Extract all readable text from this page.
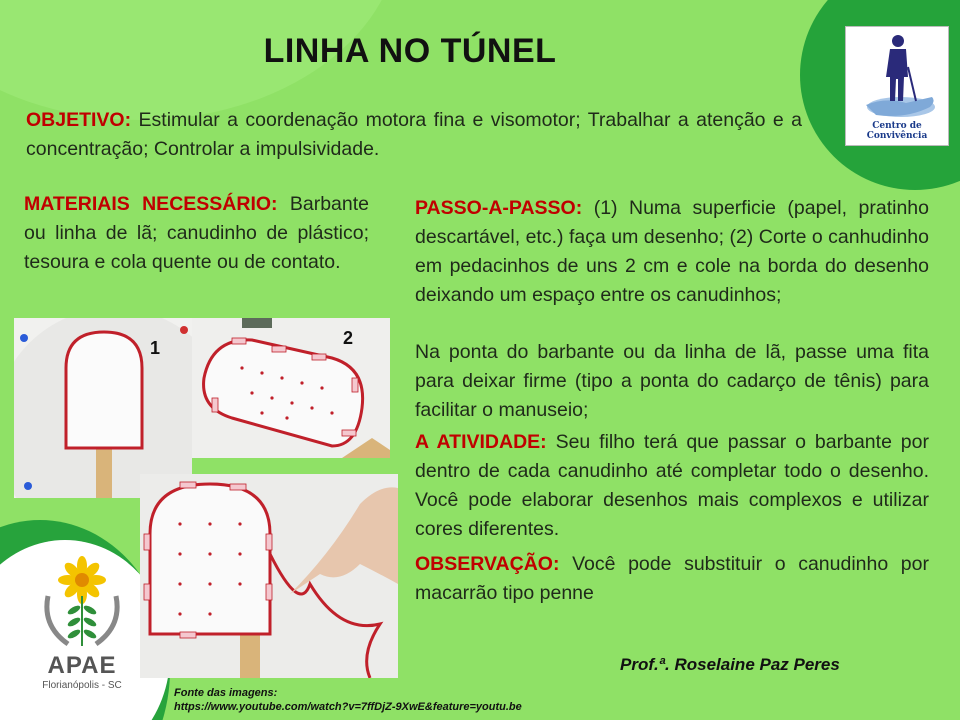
LINHA NO TÚNEL
Centro de Convivência
OBJETIVO: Estimular a coordenação motora fina e visomotor; Trabalhar a atenção e a concentração; Controlar a impulsividade.
MATERIAIS NECESSÁRIO: Barbante ou linha de lã; canudinho de plástico; tesoura e cola quente ou de contato.
PASSO-A-PASSO: (1) Numa superficie (papel, pratinho descartável, etc.) faça um desenho; (2) Corte o canhudinho em pedacinhos de uns 2 cm e cole na borda do desenho deixando um espaço entre os canudinhos;
Na ponta do barbante ou da linha de lã, passe uma fita para deixar firme (tipo a ponta do cadarço de tênis) para facilitar o manuseio;
A ATIVIDADE: Seu filho terá que passar o barbante por dentro de cada canudinho até completar todo o desenho. Você pode elaborar desenhos mais complexos e utilizar cores diferentes.
OBSERVAÇÃO: Você pode substituir o canudinho por macarrão tipo penne
1	2
APAE
Florianópolis - SC
Prof.ª. Roselaine Paz Peres
Fonte das imagens:
https://www.youtube.com/watch?v=7ffDjZ-9XwE&feature=youtu.be
